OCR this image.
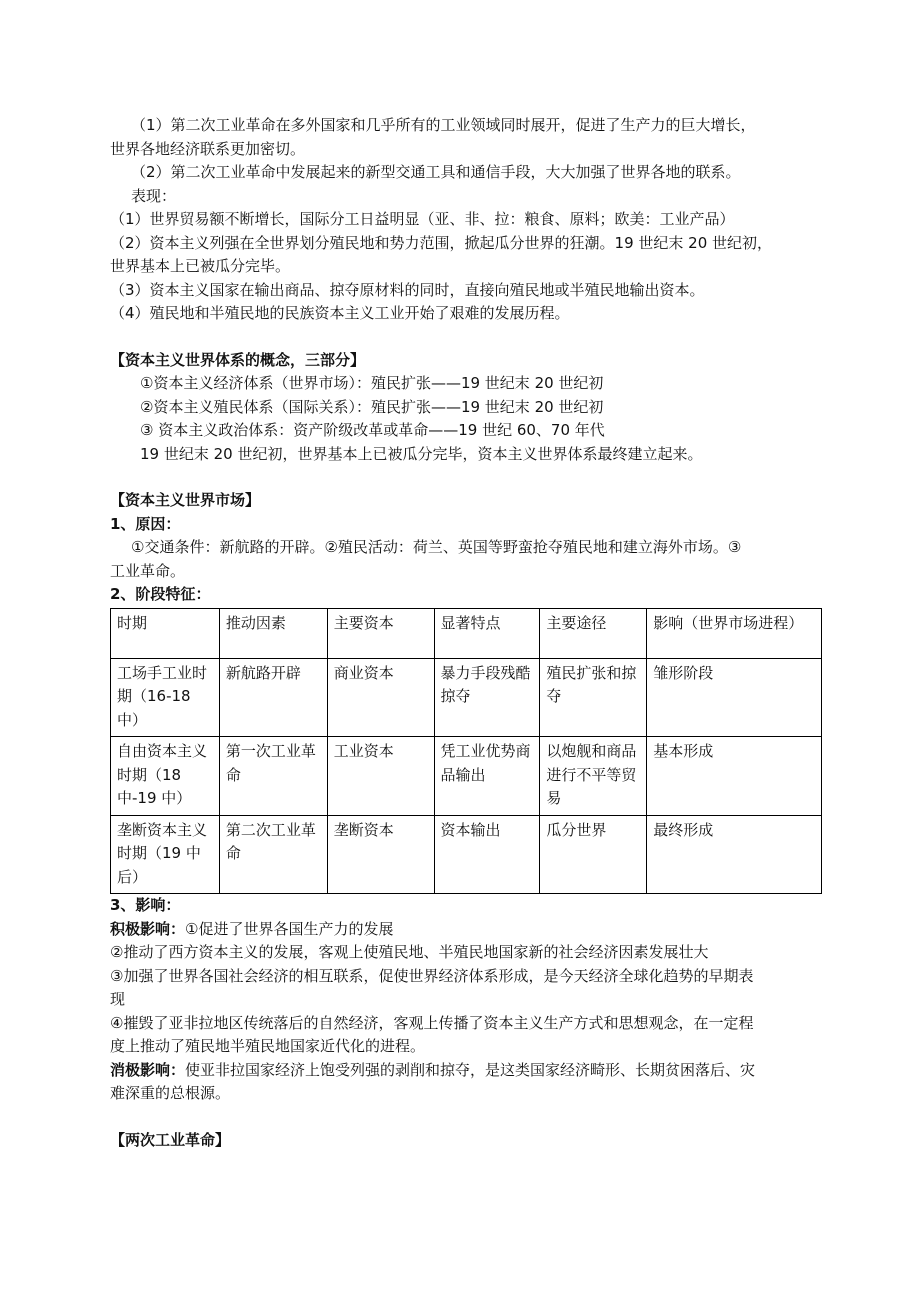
（1）第二次工业革命在多外国家和几乎所有的工业领域同时展开，促进了生产力的巨大增长，

世界各地经济联系更加密切。

（2）第二次工业革命中发展起来的新型交通工具和通信手段，大大加强了世界各地的联系。

表现：

（1）世界贸易额不断增长，国际分工日益明显（亚、非、拉：粮食、原料；欧美：工业产品）

（2）资本主义列强在全世界划分殖民地和势力范围，掀起瓜分世界的狂潮。19 世纪末 20 世纪初，

世界基本上已被瓜分完毕。

（3）资本主义国家在输出商品、掠夺原材料的同时，直接向殖民地或半殖民地输出资本。

（4）殖民地和半殖民地的民族资本主义工业开始了艰难的发展历程。

【资本主义世界体系的概念，三部分】

①资本主义经济体系（世界市场）：殖民扩张——19 世纪末 20 世纪初

②资本主义殖民体系（国际关系）：殖民扩张——19 世纪末 20 世纪初

③ 资本主义政治体系：资产阶级改革或革命——19 世纪 60、70 年代

19 世纪末 20 世纪初，世界基本上已被瓜分完毕，资本主义世界体系最终建立起来。

【资本主义世界市场】

1、原因：

①交通条件：新航路的开辟。②殖民活动：荷兰、英国等野蛮抢夺殖民地和建立海外市场。③

工业革命。

2、阶段特征：

时期	推动因素	主要资本	显著特点	主要途径	影响（世界市场进程）
工场手工业时期（16-18 中）	新航路开辟	商业资本	暴力手段残酷掠夺	殖民扩张和掠夺	雏形阶段
自由资本主义时期（18 中-19 中）	第一次工业革命	工业资本	凭工业优势商品输出	以炮舰和商品进行不平等贸易	基本形成
垄断资本主义时期（19 中后）	第二次工业革命	垄断资本	资本输出	瓜分世界	最终形成

3、影响：

积极影响：①促进了世界各国生产力的发展

②推动了西方资本主义的发展，客观上使殖民地、半殖民地国家新的社会经济因素发展壮大

③加强了世界各国社会经济的相互联系，促使世界经济体系形成，是今天经济全球化趋势的早期表

现

④摧毁了亚非拉地区传统落后的自然经济，客观上传播了资本主义生产方式和思想观念，在一定程

度上推动了殖民地半殖民地国家近代化的进程。

消极影响：使亚非拉国家经济上饱受列强的剥削和掠夺，是这类国家经济畸形、长期贫困落后、灾

难深重的总根源。

【两次工业革命】
